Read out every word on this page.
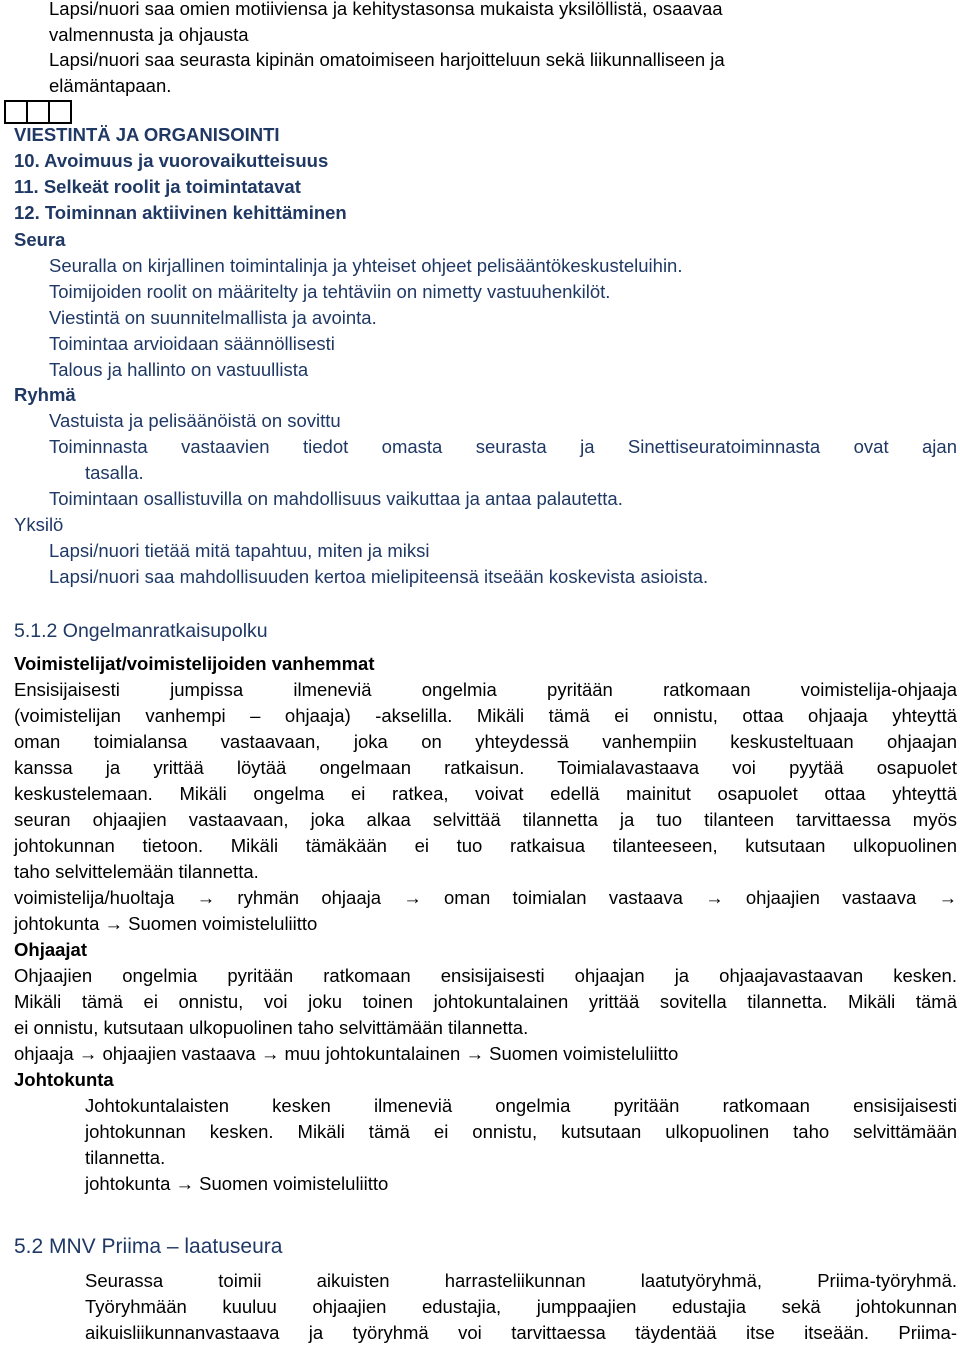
Lapsi/nuori saa omien motiiviensa ja kehitystasonsa mukaista yksilöllistä, osaavaa
valmennusta ja ohjausta
Lapsi/nuori saa seurasta kipinän omatoimiseen harjoitteluun sekä liikunnalliseen ja
elämäntapaan.
VIESTINTÄ JA ORGANISOINTI
10. Avoimuus ja vuorovaikutteisuus
11. Selkeät roolit ja toimintatavat
12. Toiminnan aktiivinen kehittäminen
Seura
Seuralla on kirjallinen toimintalinja ja yhteiset ohjeet pelisääntökeskusteluihin.
Toimijoiden roolit on määritelty ja tehtäviin on nimetty vastuuhenkilöt.
Viestintä on suunnitelmallista ja avointa.
Toimintaa arvioidaan säännöllisesti
Talous ja hallinto on vastuullista
Ryhmä
Vastuista ja pelisäänöistä on sovittu
Toiminnasta vastaavien tiedot omasta seurasta ja Sinettiseuratoiminnasta ovat ajan
tasalla.
Toimintaan osallistuvilla on mahdollisuus vaikuttaa ja antaa palautetta.
Yksilö
Lapsi/nuori tietää mitä tapahtuu, miten ja miksi
Lapsi/nuori saa mahdollisuuden kertoa mielipiteensä itseään koskevista asioista.
5.1.2 Ongelmanratkaisupolku
Voimistelijat/voimistelijoiden vanhemmat
Ensisijaisesti jumpissa ilmeneviä ongelmia pyritään ratkomaan voimistelija-ohjaaja
(voimistelijan vanhempi – ohjaaja) -akselilla. Mikäli tämä ei onnistu, ottaa ohjaaja yhteyttä
oman toimialansa vastaavaan, joka on yhteydessä vanhempiin keskusteltuaan ohjaajan
kanssa ja yrittää löytää ongelmaan ratkaisun. Toimialavastaava voi pyytää osapuolet
keskustelemaan. Mikäli ongelma ei ratkea, voivat edellä mainitut osapuolet ottaa yhteyttä
seuran ohjaajien vastaavaan, joka alkaa selvittää tilannetta ja tuo tilanteen tarvittaessa myös
johtokunnan tietoon. Mikäli tämäkään ei tuo ratkaisua tilanteeseen, kutsutaan ulkopuolinen
taho selvittelemään tilannetta.
voimistelija/huoltaja → ryhmän ohjaaja → oman toimialan vastaava → ohjaajien vastaava →
johtokunta → Suomen voimisteluliitto
Ohjaajat
Ohjaajien ongelmia pyritään ratkomaan ensisijaisesti ohjaajan ja ohjaajavastaavan kesken.
Mikäli tämä ei onnistu, voi joku toinen johtokuntalainen yrittää sovitella tilannetta. Mikäli tämä
ei onnistu, kutsutaan ulkopuolinen taho selvittämään tilannetta.
ohjaaja → ohjaajien vastaava → muu johtokuntalainen → Suomen voimisteluliitto
Johtokunta
Johtokuntalaisten kesken ilmeneviä ongelmia pyritään ratkomaan ensisijaisesti
johtokunnan kesken. Mikäli tämä ei onnistu, kutsutaan ulkopuolinen taho selvittämään
tilannetta.
johtokunta → Suomen voimisteluliitto
5.2 MNV Priima – laatuseura
Seurassa toimii aikuisten harrasteliikunnan laatutyöryhmä, Priima-työryhmä.
Työryhmään kuuluu ohjaajien edustajia, jumppaajien edustajia sekä johtokunnan
aikuisliikunnanvastaava ja työryhmä voi tarvittaessa täydentää itse itseään. Priima-
